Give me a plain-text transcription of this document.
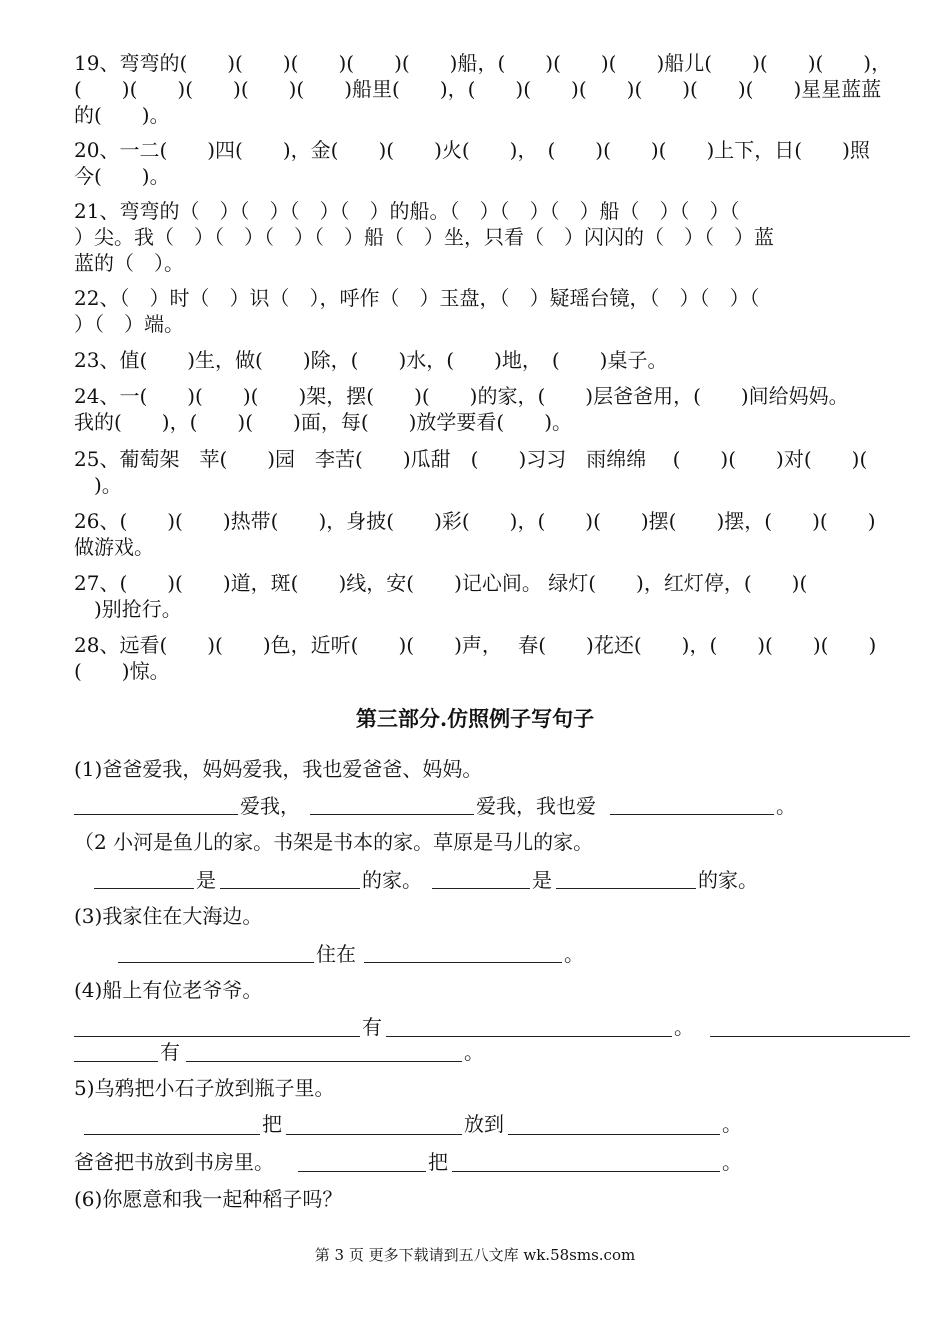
19、弯弯的(　　)(　　)(　　)(　　)(　　)船，(　　)(　　)(　　)船儿(　　)(　　)(　　)，
(　　)(　　)(　　)(　　)(　　)船里(　　)，(　　)(　　)(　　)(　　)(　　)(　　)星星蓝蓝
的(　　)。
20、一二(　　)四(　　)，金(　　)(　　)火(　　)，　(　　)(　　)(　　)上下，日(　　)照
今(　　)。
21、弯弯的（　）（　）（　）（　）的船。（　）（　）（　）船（　）（　）（
）尖。我（　）（　）（　）（　）船（　）坐，只看（　）闪闪的（　）（　）蓝
蓝的（　）。
22、（　）时（　）识（　），呼作（　）玉盘，（　）疑瑶台镜，（　）（　）（
）（　）端。
23、值(　　)生，做(　　)除，(　　)水，(　　)地，　(　　)桌子。
24、一(　　)(　　)(　　)架，摆(　　)(　　)的家，(　　)层爸爸用，(　　)间给妈妈。
我的(　　)，(　　)(　　)面，每(　　)放学要看(　　)。
25、葡萄架　苹(　　)园　李苦(　　)瓜甜　(　　)习习　雨绵绵　 (　　)(　　)对(　　)(
　)。
26、(　　)(　　)热带(　　)，身披(　　)彩(　　)，(　　)(　　)摆(　　)摆，(　　)(　　)
做游戏。
27、(　　)(　　)道，斑(　　)线，安(　　)记心间。 绿灯(　　)，红灯停，(　　)(
　)别抢行。
28、远看(　　)(　　)色，近听(　　)(　　)声，　 春(　　)花还(　　)，(　　)(　　)(　　)
(　　)惊。
第三部分.仿照例子写句子
(1)爸爸爱我，妈妈爱我，我也爱爸爸、妈妈。
爱我，	爱我，我也爱	。
（2 小河是鱼儿的家。书架是书本的家。草原是马儿的家。
是	的家。	是	的家。
(3)我家住在大海边。
住在	。
(4)船上有位老爷爷。
有	。
有	。
5)乌鸦把小石子放到瓶子里。
把	放到	。
爸爸把书放到书房里。	把	。
(6)你愿意和我一起种稻子吗？
第 3 页 更多下载请到五八文库 wk.58sms.com
